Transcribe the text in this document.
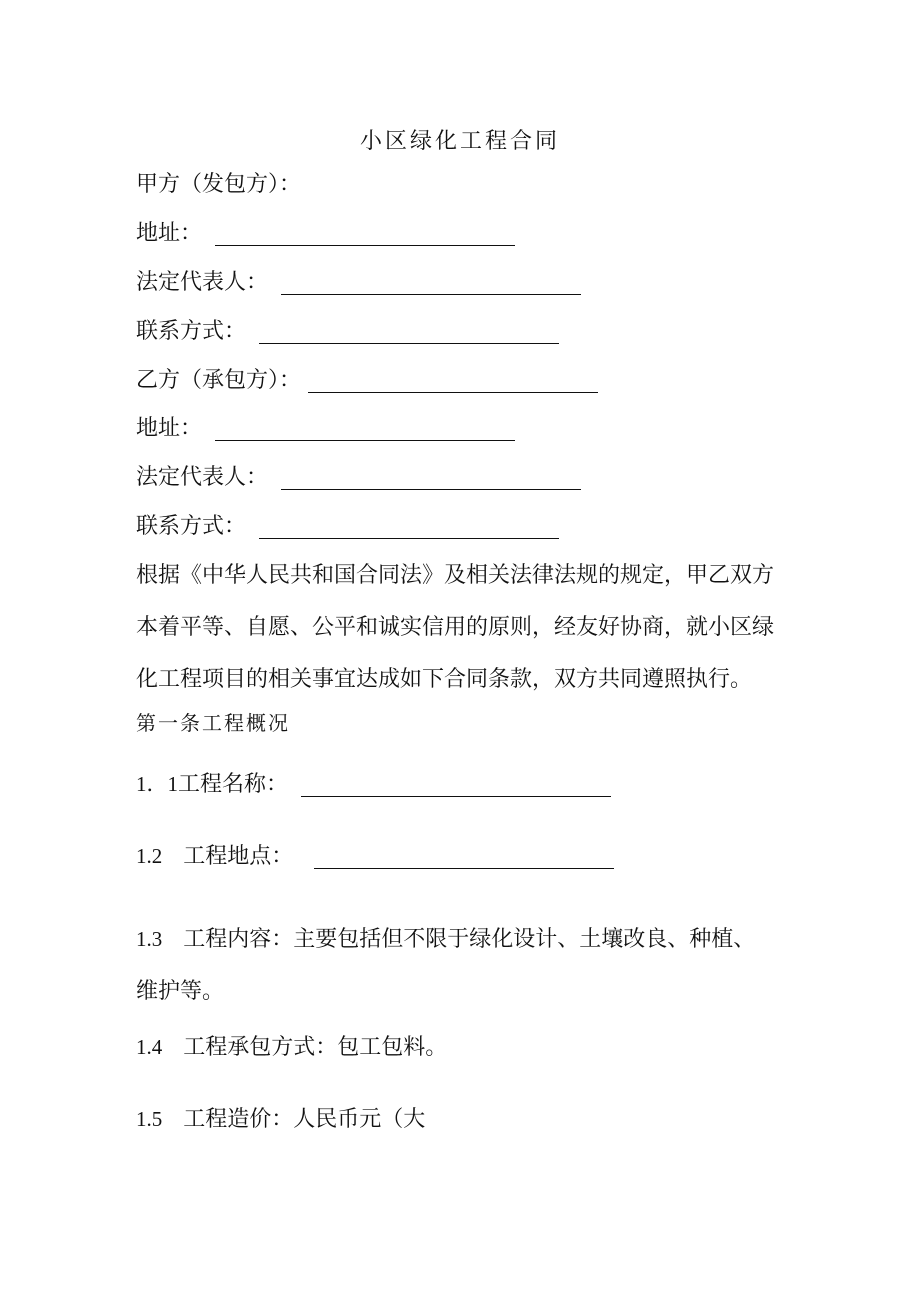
小区绿化工程合同
甲方（发包方）：
地址：
法定代表人：
联系方式：
乙方（承包方）：
地址：
法定代表人：
联系方式：
根据《中华人民共和国合同法》及相关法律法规的规定，甲乙双方本着平等、自愿、公平和诚实信用的原则，经友好协商，就小区绿化工程项目的相关事宜达成如下合同条款，双方共同遵照执行。
第一条工程概况
1．1工程名称：
1.2 工程地点：
1.3 工程内容：主要包括但不限于绿化设计、土壤改良、种植、维护等。
1.4 工程承包方式：包工包料。
1.5 工程造价：人民币元（大
